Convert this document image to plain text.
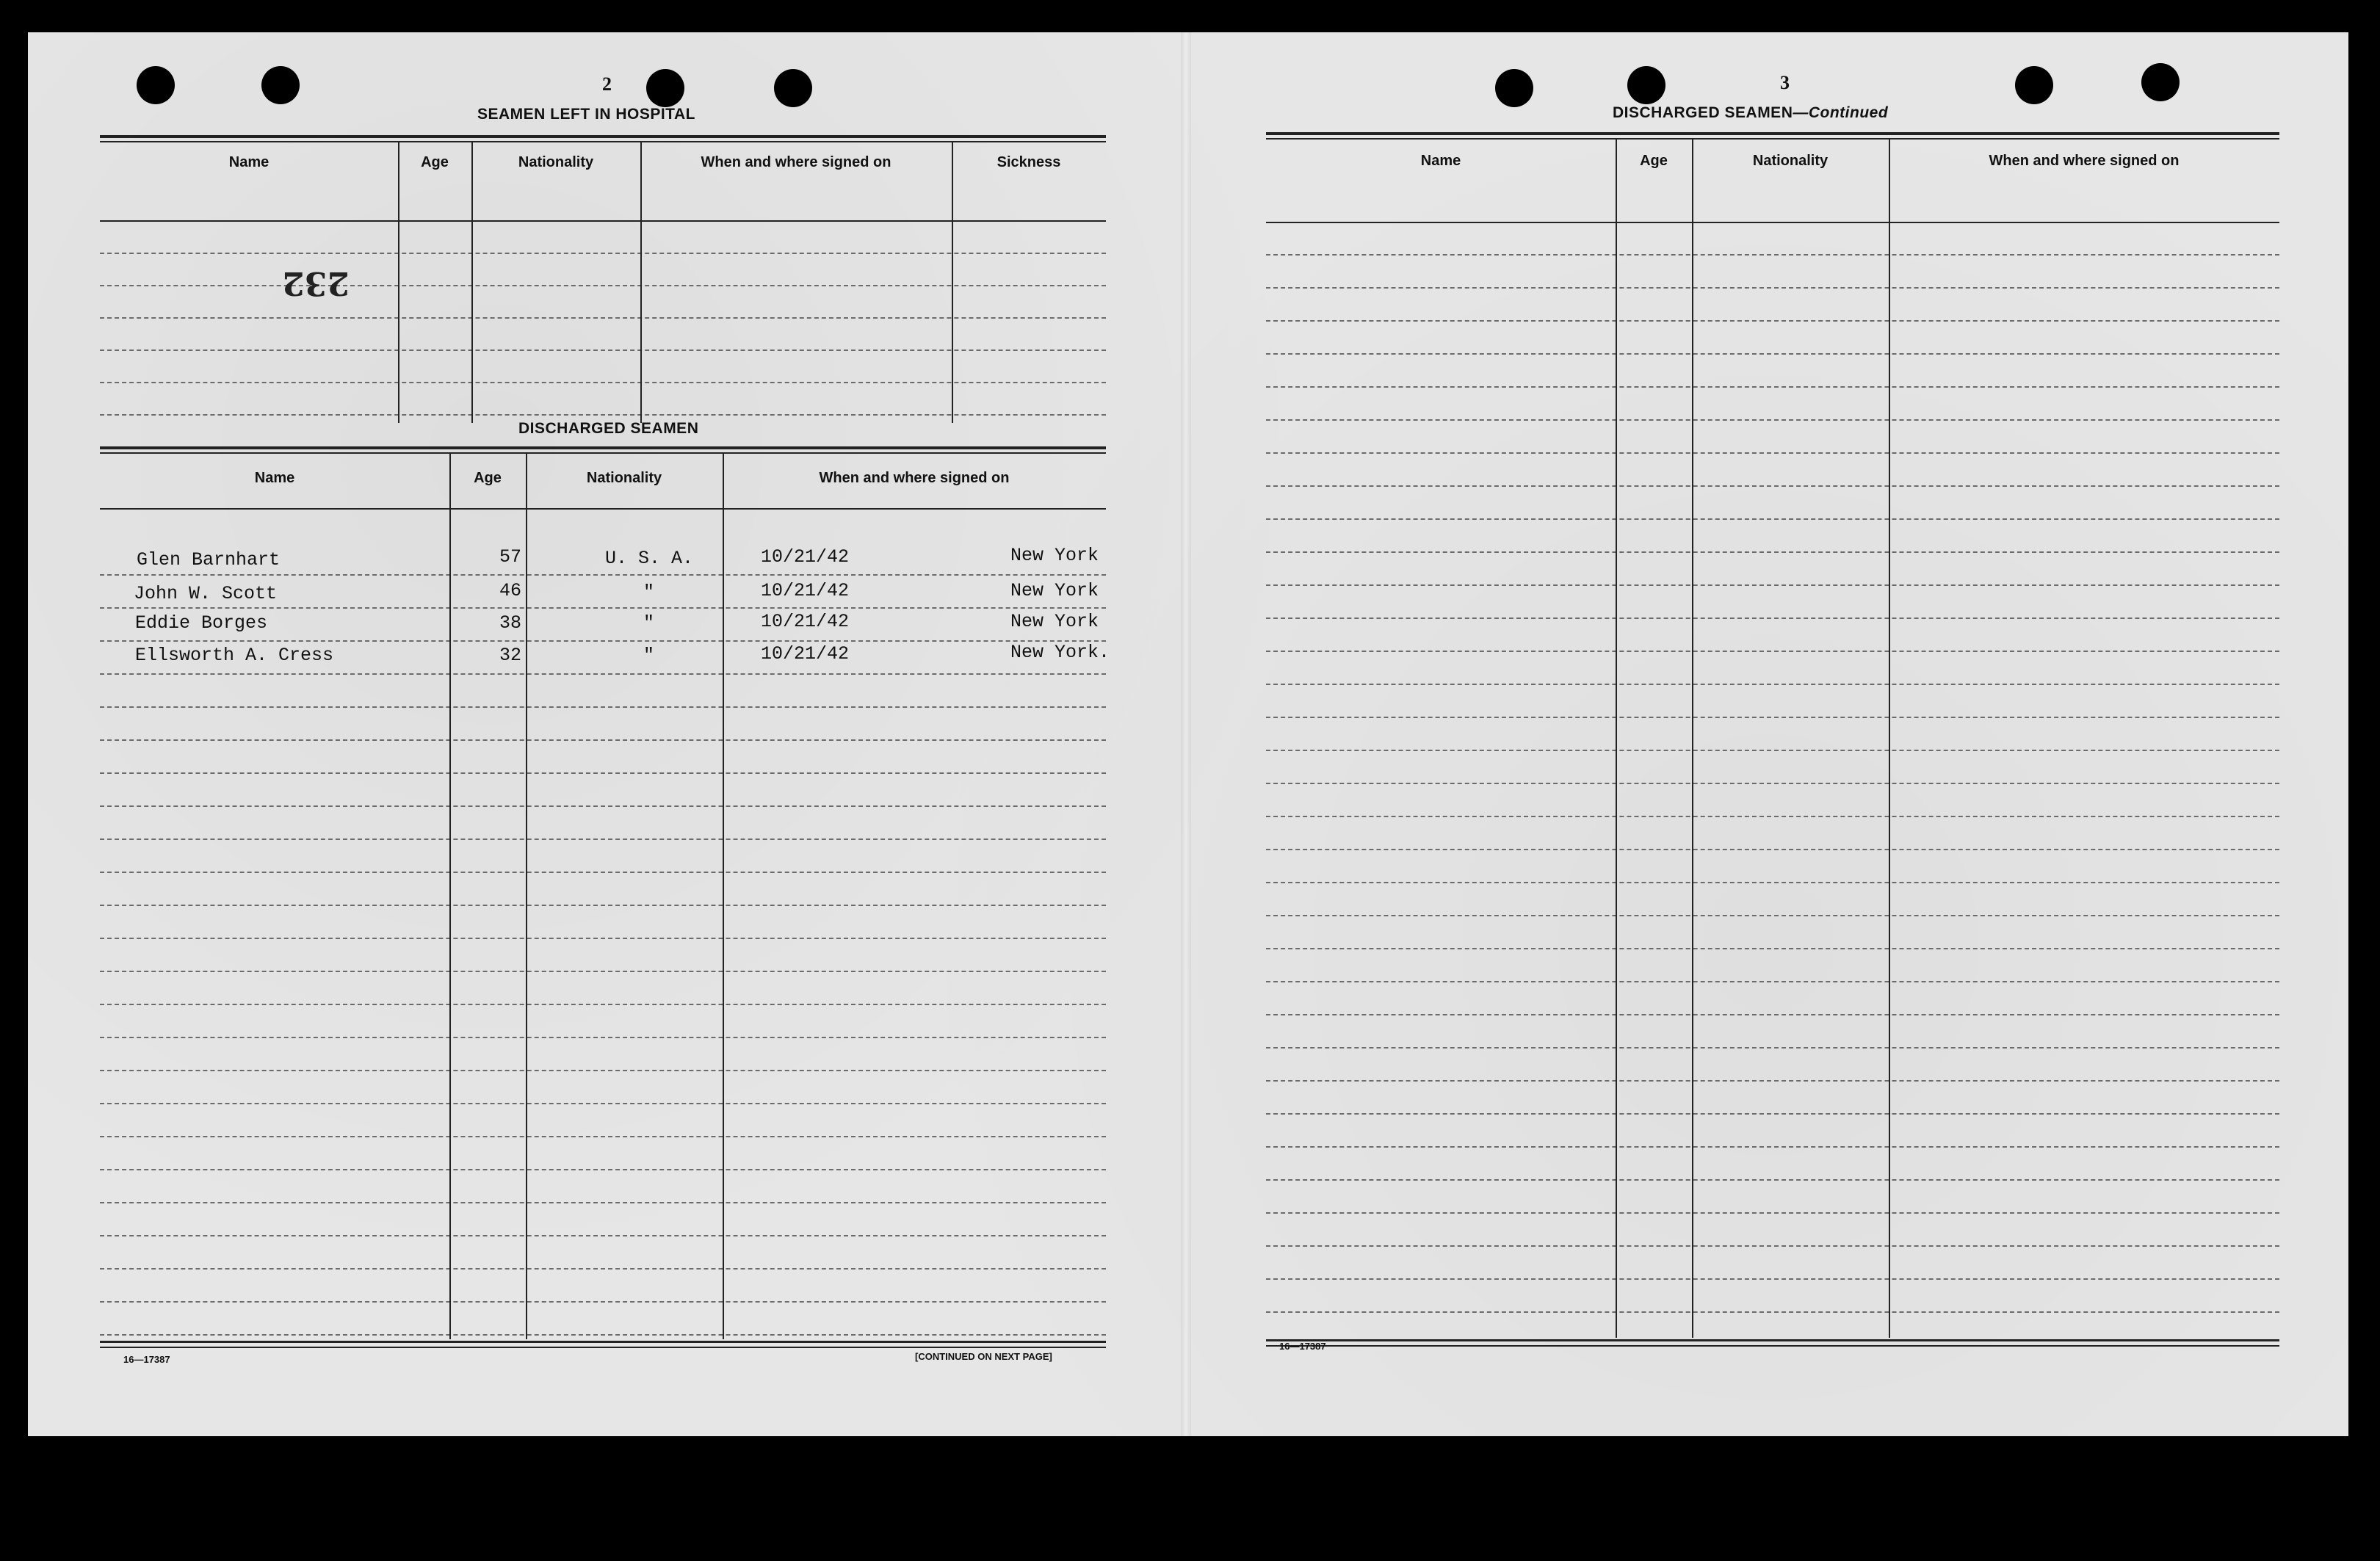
2
SEAMEN LEFT IN HOSPITAL
Name	Age	Nationality	When and where signed on	Sickness
232
DISCHARGED SEAMEN
Name	Age	Nationality	When and where signed on
Glen Barnhart	57	U. S. A.	10/21/42	New York
John W. Scott	46	"	10/21/42	New York
Eddie Borges	38	"	10/21/42	New York
Ellsworth A. Cress	32	"	10/21/42	New York.
16—17387	[CONTINUED ON NEXT PAGE]
3
DISCHARGED SEAMEN—Continued
Name	Age	Nationality	When and where signed on
16—17387
